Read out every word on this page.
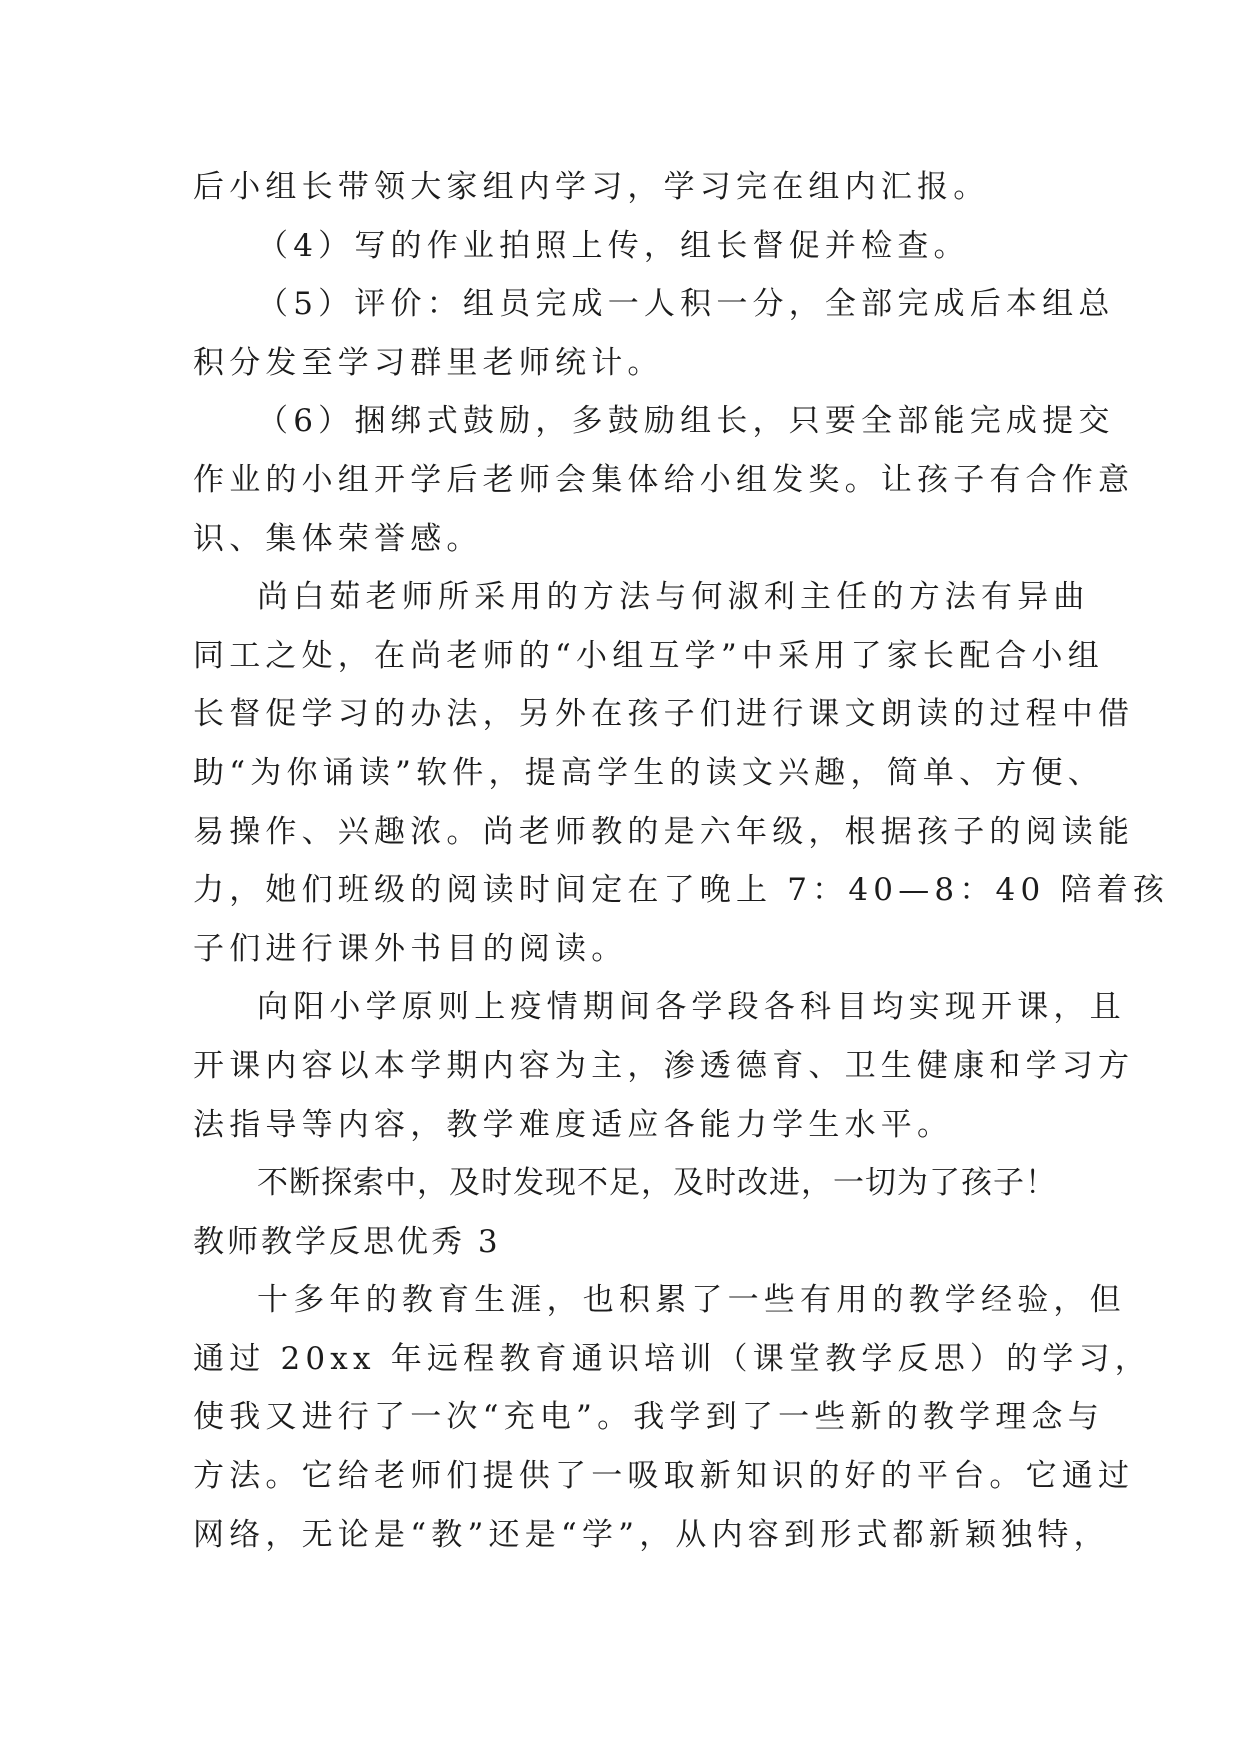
后小组长带领大家组内学习，学习完在组内汇报。
（4）写的作业拍照上传，组长督促并检查。
（5）评价：组员完成一人积一分，全部完成后本组总
积分发至学习群里老师统计。
（6）捆绑式鼓励，多鼓励组长，只要全部能完成提交
作业的小组开学后老师会集体给小组发奖。让孩子有合作意
识、集体荣誉感。
尚白茹老师所采用的方法与何淑利主任的方法有异曲
同工之处，在尚老师的“小组互学”中采用了家长配合小组
长督促学习的办法，另外在孩子们进行课文朗读的过程中借
助“为你诵读”软件，提高学生的读文兴趣，简单、方便、
易操作、兴趣浓。尚老师教的是六年级，根据孩子的阅读能
力，她们班级的阅读时间定在了晚上 7：40—8：40 陪着孩
子们进行课外书目的阅读。
向阳小学原则上疫情期间各学段各科目均实现开课，且
开课内容以本学期内容为主，渗透德育、卫生健康和学习方
法指导等内容，教学难度适应各能力学生水平。
不断探索中，及时发现不足，及时改进，一切为了孩子！
教师教学反思优秀 3
十多年的教育生涯，也积累了一些有用的教学经验，但
通过 20xx 年远程教育通识培训（课堂教学反思）的学习，
使我又进行了一次“充电”。我学到了一些新的教学理念与
方法。它给老师们提供了一吸取新知识的好的平台。它通过
网络，无论是“教”还是“学”，从内容到形式都新颖独特，
